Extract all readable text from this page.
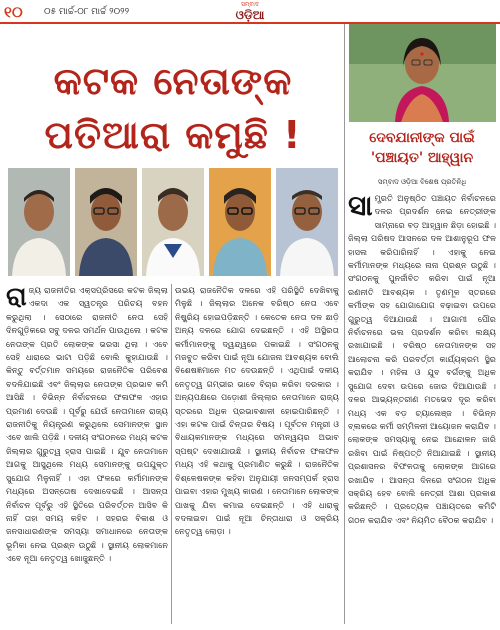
୧୦ ୦୫ ମାର୍ଚ୍ଚ-୦୮ ମାର୍ଚ୍ଚ ୨୦୨୨
ସମ୍ବାଦ
ଓଡ଼ିଆ
କଟକ ନେତାଙ୍କ ପତିଆରା କମୁଛି !
ରାଜ୍ୟ ରାଜନୀତିର ଏକ୍ସପ୍ରିସରେ କଟକ ଜିଲ୍ଲା ଏକଦା ଏକ ସ୍ୱତନ୍ତ୍ର ପରିଚୟ ବହନ କରୁଥିଲା । ସେଠାରେ ରାଜନୀତି ନେତା ସେହି ଦିନଗୁଡ଼ିକରେ ସବୁ ଦଳର ସମର୍ଥନ ପାଉଥିଲେ । କଟକ ନେତାଙ୍କ ପ୍ରତି ଲୋକଙ୍କ ଭରସା ଥିଲା । ଏବେ ସେହି ଧାରାରେ ଭାଟା ପଡ଼ିଛି ବୋଲି କୁହାଯାଉଛି । କିନ୍ତୁ ବର୍ତ୍ତମାନ ସମୟରେ ରାଜନୈତିକ ପରିବେଶ ବଦଳିଯାଇଛି ଏବଂ ଜିଲ୍ଲାର ନେତାଙ୍କ ପ୍ରଭାବ କମି ଆସିଛି । ବିଭିନ୍ନ ନିର୍ବାଚନରେ ଫଳାଫଳ ଏହାର ପ୍ରମାଣ ଦେଉଛି । ପୂର୍ବରୁ ଯେଉଁ ନେତାମାନେ ରାଜ୍ୟ ରାଜନୀତିକୁ ନିୟନ୍ତ୍ରଣ କରୁଥିଲେ ସେମାନଙ୍କ ସ୍ଥାନ ଏବେ ଖାଲି ପଡ଼ିଛି । ଦଳୀୟ ସଂଗଠନରେ ମଧ୍ୟ କଟକ ଜିଲ୍ଲାର ଗୁରୁତ୍ୱ ହ୍ରାସ ପାଇଛି । ଯୁବ ନେତାମାନେ ଆଗକୁ ଆସୁଥିଲେ ମଧ୍ୟ ସେମାନଙ୍କୁ ଉପଯୁକ୍ତ ସୁଯୋଗ ମିଳୁନାହିଁ । ଏହା ଫଳରେ କର୍ମୀମାନଙ୍କ ମଧ୍ୟରେ ଅସନ୍ତୋଷ ଦେଖାଦେଇଛି । ଆସନ୍ତା ନିର୍ବାଚନ ପୂର୍ବରୁ ଏହି ସ୍ଥିତିରେ ପରିବର୍ତ୍ତନ ଆସିବ କି ନାହିଁ ତାହା ସମୟ କହିବ । ସହରର ବିକାଶ ଓ ଜନସାଧାରଣଙ୍କ ସମସ୍ୟା ସମାଧାନରେ ନେତାଙ୍କ ଭୂମିକା ନେଇ ପ୍ରଶ୍ନ ଉଠୁଛି । ସ୍ଥାନୀୟ ଲୋକମାନେ ଏବେ ନୂଆ ନେତୃତ୍ୱ ଖୋଜୁଛନ୍ତି ।
ଉଭୟ ରାଜନୈତିକ ଦଳରେ ଏହି ପରିସ୍ଥିତି ଦେଖିବାକୁ ମିଳୁଛି । ଜିଲ୍ଲାର ଅନେକ ବରିଷ୍ଠ ନେତା ଏବେ ନିଷ୍କ୍ରିୟ ହୋଇପଡ଼ିଛନ୍ତି । କେତେକ ନେତା ଦଳ ଛାଡ଼ି ଅନ୍ୟ ଦଳରେ ଯୋଗ ଦେଇଛନ୍ତି । ଏହି ଅସ୍ଥିରତା କର୍ମୀମାନଙ୍କୁ ଦ୍ୱନ୍ଦ୍ୱରେ ପକାଇଛି । ସଂଗଠନକୁ ମଜବୁତ କରିବା ପାଇଁ ନୂଆ ଯୋଜନା ଆବଶ୍ୟକ ବୋଲି ବିଶେଷଜ୍ଞମାନେ ମତ ଦେଉଛନ୍ତି । ଏଥିପାଇଁ ଦଳୀୟ ନେତୃତ୍ୱ ଗମ୍ଭୀର ଭାବେ ବିଚାର କରିବା ଦରକାର । ଅନ୍ୟପକ୍ଷରେ ପଡ଼ୋଶୀ ଜିଲ୍ଲାର ନେତାମାନେ ରାଜ୍ୟ ସ୍ତରରେ ଅଧିକ ପ୍ରଭାବଶାଳୀ ହୋଇପାରିଛନ୍ତି । ଏହା କଟକ ପାଇଁ ଚିନ୍ତାର ବିଷୟ । ପୂର୍ବତନ ମନ୍ତ୍ରୀ ଓ ବିଧାୟକମାନଙ୍କ ମଧ୍ୟରେ ସମନ୍ୱୟର ଅଭାବ ସ୍ପଷ୍ଟ ଦେଖାଯାଉଛି । ସ୍ଥାନୀୟ ନିର୍ବାଚନ ଫଳାଫଳ ମଧ୍ୟ ଏହି କଥାକୁ ପ୍ରମାଣିତ କରୁଛି । ରାଜନୈତିକ ବିଶ୍ଳେଷକଙ୍କ କହିବା ଅନୁଯାୟୀ ଜନସମ୍ପର୍କ ହ୍ରାସ ପାଇବା ଏହାର ମୁଖ୍ୟ କାରଣ । ନେତାମାନେ ଲୋକଙ୍କ ପାଖକୁ ଯିବା କମାଇ ଦେଇଛନ୍ତି । ଏହି ଧାରାକୁ ବଦଳାଇବା ପାଇଁ ନୂଆ ଚିନ୍ତାଧାରା ଓ ସକ୍ରିୟ ନେତୃତ୍ୱ ଲୋଡ଼ା ।
ଦେବଯାନୀଙ୍କ ପାଇଁ
'ପଞ୍ଚାୟତ' ଆହ୍ୱାନ
ସମ୍ବାଦ ଓଡ଼ିଆ ବିଶେଷ ପ୍ରତିନିଧି
ସାମ୍ପ୍ରତି ଅନୁଷ୍ଠିତ ପଞ୍ଚାୟତ ନିର୍ବାଚନରେ ଦଳର ପ୍ରଦର୍ଶନ ନେଇ ନେତ୍ରୀଙ୍କ ସାମ୍ନାରେ ବଡ଼ ଆହ୍ୱାନ ଛିଡ଼ା ହୋଇଛି । ଜିଲ୍ଲା ପରିଷଦ ଆସନରେ ଦଳ ଆଶାନୁରୂପ ଫଳ ହାସଲ କରିପାରିନାହିଁ । ଏହାକୁ ନେଇ କର୍ମୀମାନଙ୍କ ମଧ୍ୟରେ ନାନା ପ୍ରଶ୍ନ ଉଠୁଛି । ସଂଗଠନକୁ ପୁନର୍ଜୀବିତ କରିବା ପାଇଁ ନୂଆ ରଣନୀତି ଆବଶ୍ୟକ । ତୃଣମୂଳ ସ୍ତରରେ କର୍ମୀଙ୍କ ସହ ଯୋଗାଯୋଗ ବଢ଼ାଇବା ଉପରେ ଗୁରୁତ୍ୱ ଦିଆଯାଉଛି । ଆଗାମୀ ପୌର ନିର୍ବାଚନରେ ଭଲ ପ୍ରଦର୍ଶନ କରିବା ଲକ୍ଷ୍ୟ ରଖାଯାଇଛି । ବରିଷ୍ଠ ନେତାମାନଙ୍କ ସହ ଆଲୋଚନା କରି ପରବର୍ତ୍ତୀ କାର୍ଯ୍ୟକ୍ରମ ସ୍ଥିର କରାଯିବ । ମହିଳା ଓ ଯୁବ ବର୍ଗଙ୍କୁ ଅଧିକ ସୁଯୋଗ ଦେବା ଉପରେ ଜୋର ଦିଆଯାଉଛି । ଦଳର ଆଭ୍ୟନ୍ତରୀଣ ମତଭେଦ ଦୂର କରିବା ମଧ୍ୟ ଏକ ବଡ଼ ଚ୍ୟାଲେଞ୍ଜ । ବିଭିନ୍ନ ବ୍ଲକରେ କର୍ମୀ ସମ୍ମିଳନୀ ଆୟୋଜନ କରାଯିବ । ଲୋକଙ୍କ ସମସ୍ୟାକୁ ନେଇ ଆନ୍ଦୋଳନ ଜାରି ରଖିବା ପାଇଁ ନିଷ୍ପତ୍ତି ନିଆଯାଇଛି । ସ୍ଥାନୀୟ ପ୍ରଶାସନର ବିଫଳତାକୁ ଲୋକଙ୍କ ଆଗରେ ରଖାଯିବ । ଆସନ୍ତା ଦିନରେ ସଂଗଠନ ଅଧିକ ସକ୍ରିୟ ହେବ ବୋଲି ନେତ୍ରୀ ଆଶା ପ୍ରକାଶ କରିଛନ୍ତି । ପ୍ରତ୍ୟେକ ପଞ୍ଚାୟତରେ କମିଟି ଗଠନ କରାଯିବ ଏବଂ ନିୟମିତ ବୈଠକ କରାଯିବ ।
